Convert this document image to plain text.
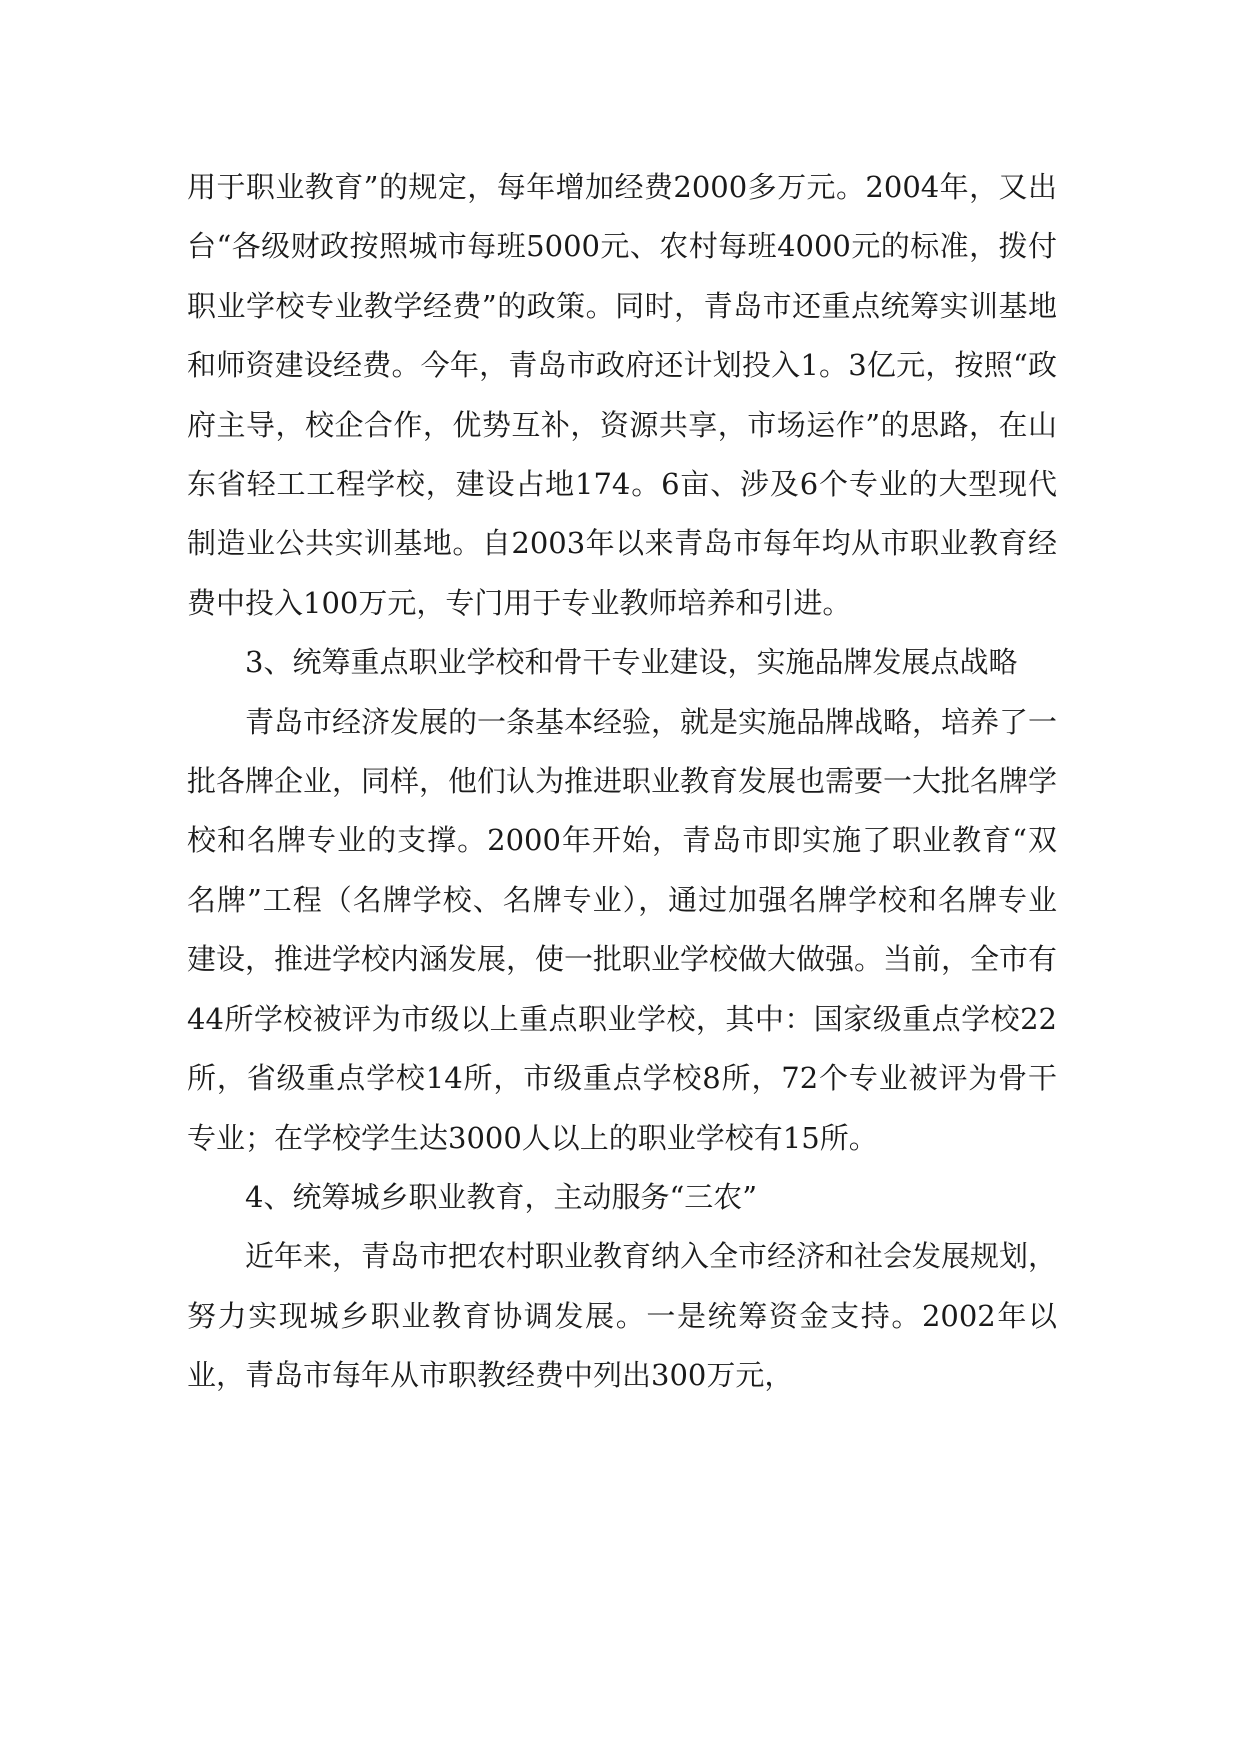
用于职业教育”的规定，每年增加经费2000多万元。2004年，又出台“各级财政按照城市每班5000元、农村每班4000元的标准，拨付职业学校专业教学经费”的政策。同时，青岛市还重点统筹实训基地和师资建设经费。今年，青岛市政府还计划投入1。3亿元，按照“政府主导，校企合作，优势互补，资源共享，市场运作”的思路，在山东省轻工工程学校，建设占地174。6亩、涉及6个专业的大型现代制造业公共实训基地。自2003年以来青岛市每年均从市职业教育经费中投入100万元，专门用于专业教师培养和引进。

3、统筹重点职业学校和骨干专业建设，实施品牌发展点战略

青岛市经济发展的一条基本经验，就是实施品牌战略，培养了一批各牌企业，同样，他们认为推进职业教育发展也需要一大批名牌学校和名牌专业的支撑。2000年开始，青岛市即实施了职业教育“双名牌”工程（名牌学校、名牌专业），通过加强名牌学校和名牌专业建设，推进学校内涵发展，使一批职业学校做大做强。当前，全市有44所学校被评为市级以上重点职业学校，其中：国家级重点学校22所，省级重点学校14所，市级重点学校8所，72个专业被评为骨干专业；在学校学生达3000人以上的职业学校有15所。

4、统筹城乡职业教育，主动服务“三农”

近年来，青岛市把农村职业教育纳入全市经济和社会发展规划，努力实现城乡职业教育协调发展。一是统筹资金支持。2002年以业，青岛市每年从市职教经费中列出300万元，
